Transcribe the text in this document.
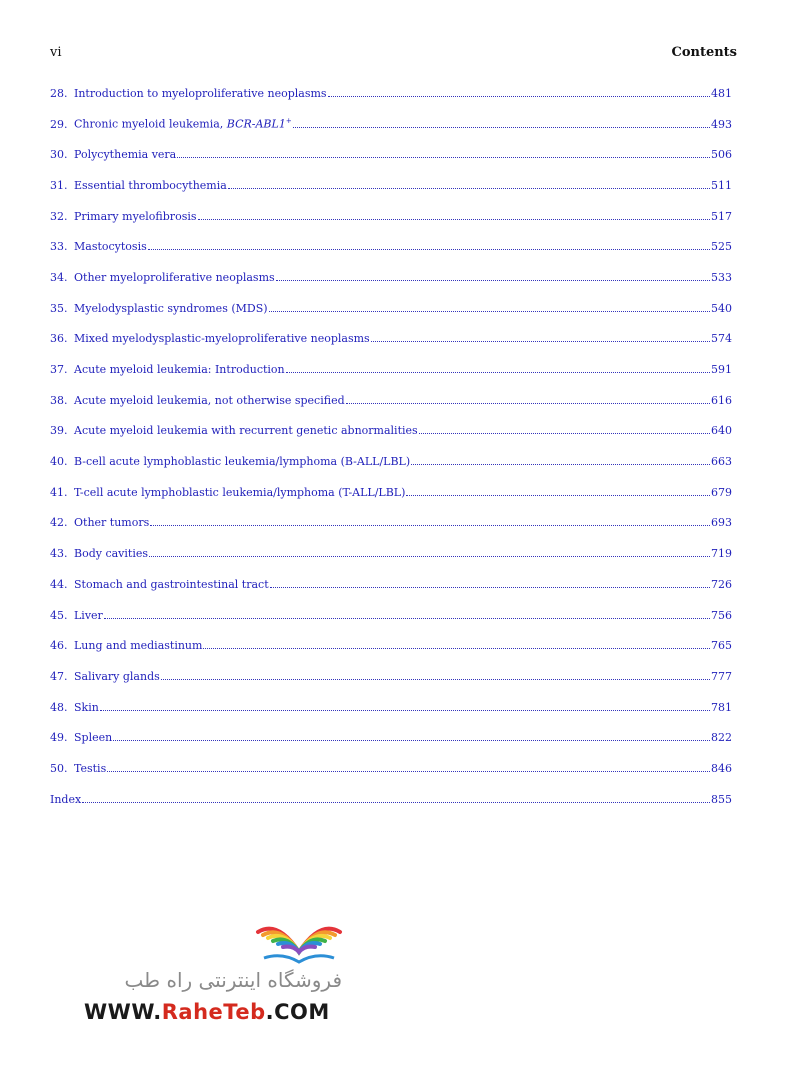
vi	Contents
28. Introduction to myeloproliferative neoplasms	481
29. Chronic myeloid leukemia, BCR-ABL1+	493
30. Polycythemia vera	506
31. Essential thrombocythemia	511
32. Primary myelofibrosis	517
33. Mastocytosis	525
34. Other myeloproliferative neoplasms	533
35. Myelodysplastic syndromes (MDS)	540
36. Mixed myelodysplastic-myeloproliferative neoplasms	574
37. Acute myeloid leukemia: Introduction	591
38. Acute myeloid leukemia, not otherwise specified	616
39. Acute myeloid leukemia with recurrent genetic abnormalities	640
40. B-cell acute lymphoblastic leukemia/lymphoma (B-ALL/LBL)	663
41. T-cell acute lymphoblastic leukemia/lymphoma (T-ALL/LBL)	679
42. Other tumors	693
43. Body cavities	719
44. Stomach and gastrointestinal tract	726
45. Liver	756
46. Lung and mediastinum	765
47. Salivary glands	777
48. Skin	781
49. Spleen	822
50. Testis	846
Index	855
فروشگاه اینترنتی راه طب
WWW.RaheTeb.COM
